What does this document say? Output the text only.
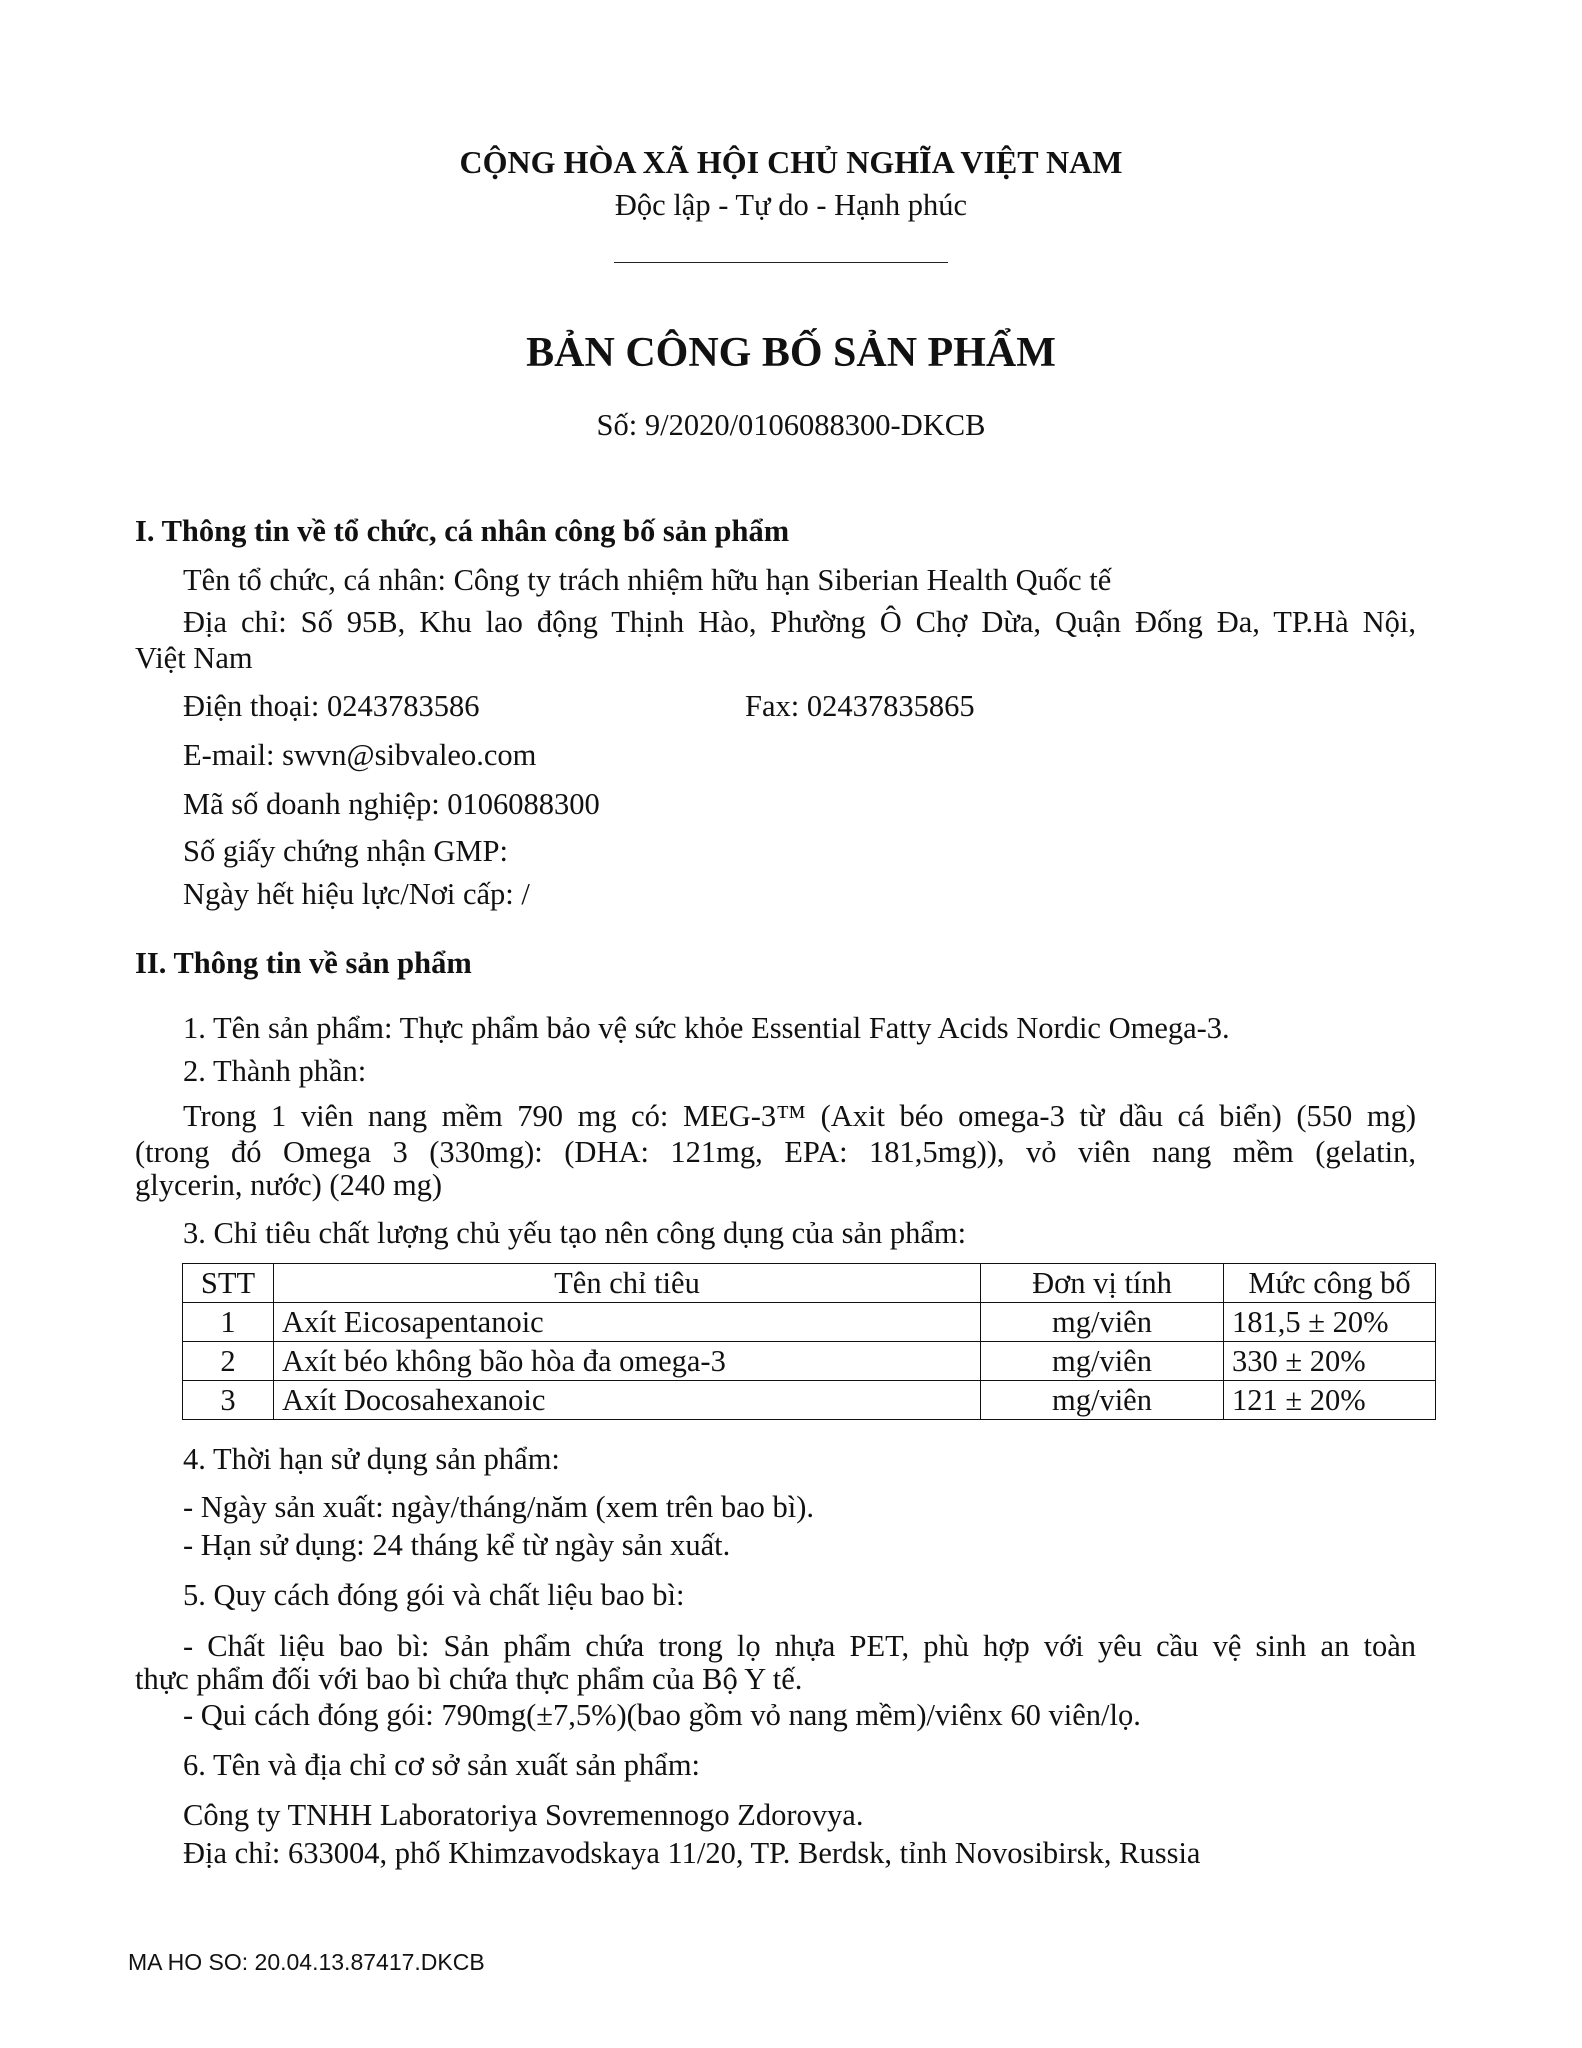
CỘNG HÒA XÃ HỘI CHỦ NGHĨA VIỆT NAM
Độc lập - Tự do - Hạnh phúc
BẢN CÔNG BỐ SẢN PHẨM
Số: 9/2020/0106088300-DKCB
I. Thông tin về tổ chức, cá nhân công bố sản phẩm
Tên tổ chức, cá nhân: Công ty trách nhiệm hữu hạn Siberian Health Quốc tế
Địa chỉ: Số 95B, Khu lao động Thịnh Hào, Phường Ô Chợ Dừa, Quận Đống Đa, TP.Hà Nội,
Việt Nam
Điện thoại: 0243783586	Fax: 02437835865
E-mail: swvn@sibvaleo.com
Mã số doanh nghiệp: 0106088300
Số giấy chứng nhận GMP:
Ngày hết hiệu lực/Nơi cấp: /
II. Thông tin về sản phẩm
1. Tên sản phẩm: Thực phẩm bảo vệ sức khỏe Essential Fatty Acids Nordic Omega-3.
2. Thành phần:
Trong 1 viên nang mềm 790 mg có: MEG-3™ (Axit béo omega-3 từ dầu cá biển) (550 mg)
(trong đó Omega 3 (330mg): (DHA: 121mg, EPA: 181,5mg)), vỏ viên nang mềm (gelatin,
glycerin, nước) (240 mg)
3. Chỉ tiêu chất lượng chủ yếu tạo nên công dụng của sản phẩm:
STT	Tên chỉ tiêu	Đơn vị tính	Mức công bố
1	Axít Eicosapentanoic	mg/viên	181,5 ± 20%
2	Axít béo không bão hòa đa omega-3	mg/viên	330 ± 20%
3	Axít Docosahexanoic	mg/viên	121 ± 20%
4. Thời hạn sử dụng sản phẩm:
- Ngày sản xuất: ngày/tháng/năm (xem trên bao bì).
- Hạn sử dụng: 24 tháng kể từ ngày sản xuất.
5. Quy cách đóng gói và chất liệu bao bì:
- Chất liệu bao bì: Sản phẩm chứa trong lọ nhựa PET, phù hợp với yêu cầu vệ sinh an toàn
thực phẩm đối với bao bì chứa thực phẩm của Bộ Y tế.
- Qui cách đóng gói: 790mg(±7,5%)(bao gồm vỏ nang mềm)/viênx 60 viên/lọ.
6. Tên và địa chỉ cơ sở sản xuất sản phẩm:
Công ty TNHH Laboratoriya Sovremennogo Zdorovya.
Địa chỉ: 633004, phố Khimzavodskaya 11/20, TP. Berdsk, tỉnh Novosibirsk, Russia
MA HO SO: 20.04.13.87417.DKCB
